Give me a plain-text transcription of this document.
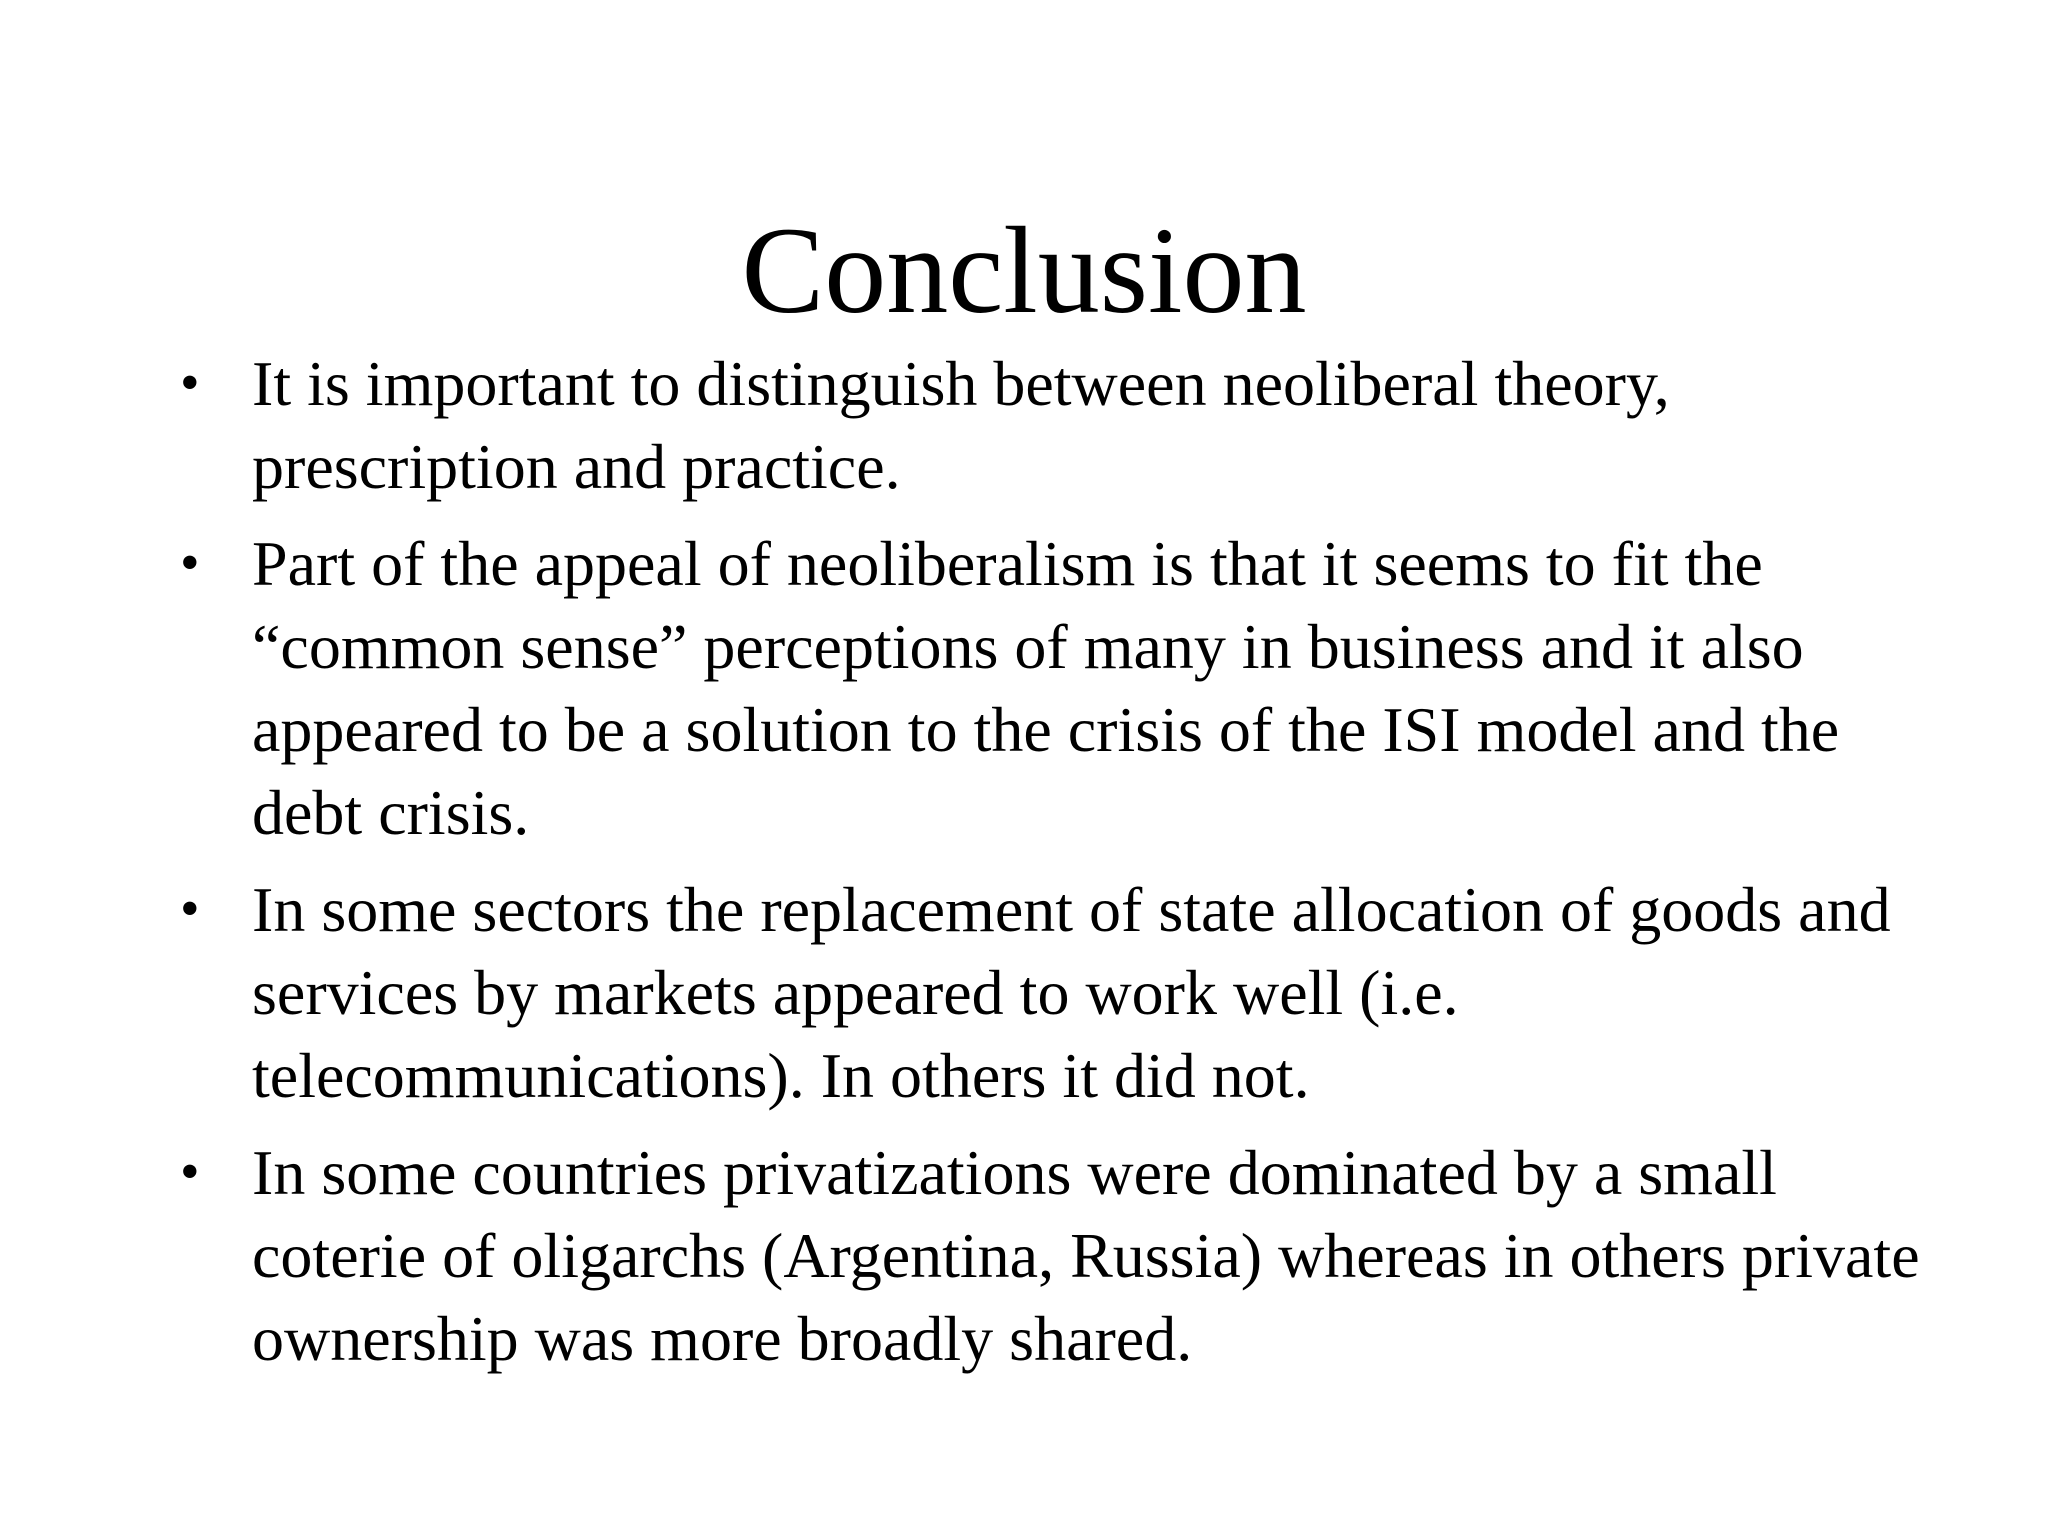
Conclusion
• It is important to distinguish between neoliberal theory, prescription and practice.
• Part of the appeal of neoliberalism is that it seems to fit the “common sense” perceptions of many in business and it also appeared to be a solution to the crisis of the ISI model and the debt crisis.
• In some sectors the replacement of state allocation of goods and services by markets appeared to work well (i.e. telecommunications). In others it did not.
• In some countries privatizations were dominated by a small coterie of oligarchs (Argentina, Russia) whereas in others private ownership was more broadly shared.
